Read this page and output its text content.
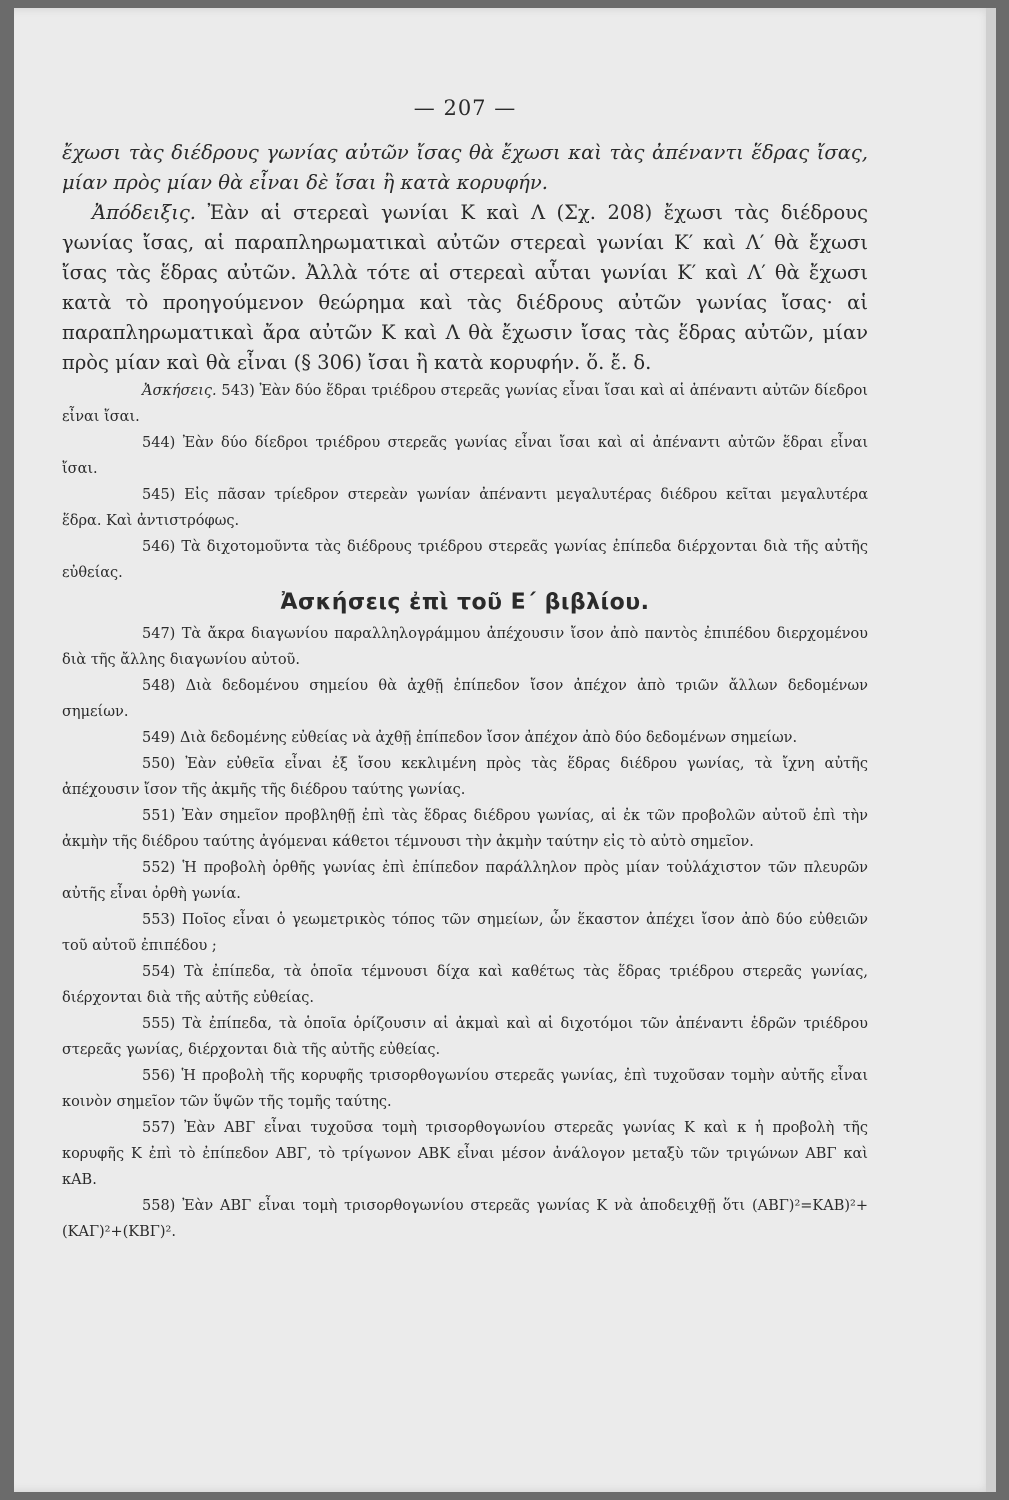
— 207 —

ἔχωσι τὰς διέδρους γωνίας αὐτῶν ἴσας θὰ ἔχωσι καὶ τὰς ἀπέναντι ἕδρας ἴσας, μίαν πρὸς μίαν θὰ εἶναι δὲ ἴσαι ἢ κατὰ κορυφήν.

Ἀπόδειξις. Ἐὰν αἱ στερεαὶ γωνίαι Κ καὶ Λ (Σχ. 208) ἔχωσι τὰς διέδρους γωνίας ἴσας, αἱ παραπληρωματικαὶ αὐτῶν στερεαὶ γωνίαι Κ′ καὶ Λ′ θὰ ἔχωσι ἴσας τὰς ἕδρας αὐτῶν. Ἀλλὰ τότε αἱ στερεαὶ αὗται γωνίαι Κ′ καὶ Λ′ θὰ ἔχωσι κατὰ τὸ προηγούμενον θεώρημα καὶ τὰς διέδρους αὐτῶν γωνίας ἴσας· αἱ παραπληρωματικαὶ ἄρα αὐτῶν Κ καὶ Λ θὰ ἔχωσιν ἴσας τὰς ἕδρας αὐτῶν, μίαν πρὸς μίαν καὶ θὰ εἶναι (§ 306) ἴσαι ἢ κατὰ κορυφήν. ὅ. ἔ. δ.

Ἀσκήσεις. 543) Ἐὰν δύο ἕδραι τριέδρου στερεᾶς γωνίας εἶναι ἴσαι καὶ αἱ ἀπέναντι αὐτῶν δίεδροι εἶναι ἴσαι.

544) Ἐὰν δύο δίεδροι τριέδρου στερεᾶς γωνίας εἶναι ἴσαι καὶ αἱ ἀπέναντι αὐτῶν ἕδραι εἶναι ἴσαι.

545) Εἰς πᾶσαν τρίεδρον στερεὰν γωνίαν ἀπέναντι μεγαλυτέρας διέδρου κεῖται μεγαλυτέρα ἕδρα. Καὶ ἀντιστρόφως.

546) Τὰ διχοτομοῦντα τὰς διέδρους τριέδρου στερεᾶς γωνίας ἐπίπεδα διέρχονται διὰ τῆς αὐτῆς εὐθείας.

Ἀσκήσεις ἐπὶ τοῦ Ε΄ βιβλίου.

547) Τὰ ἄκρα διαγωνίου παραλληλογράμμου ἀπέχουσιν ἴσον ἀπὸ παντὸς ἐπιπέδου διερχομένου διὰ τῆς ἄλλης διαγωνίου αὐτοῦ.

548) Διὰ δεδομένου σημείου θὰ ἀχθῇ ἐπίπεδον ἴσον ἀπέχον ἀπὸ τριῶν ἄλλων δεδομένων σημείων.

549) Διὰ δεδομένης εὐθείας νὰ ἀχθῇ ἐπίπεδον ἴσον ἀπέχον ἀπὸ δύο δεδομένων σημείων.

550) Ἐὰν εὐθεῖα εἶναι ἐξ ἴσου κεκλιμένη πρὸς τὰς ἕδρας διέδρου γωνίας, τὰ ἴχνη αὐτῆς ἀπέχουσιν ἴσον τῆς ἀκμῆς τῆς διέδρου ταύτης γωνίας.

551) Ἐὰν σημεῖον προβληθῇ ἐπὶ τὰς ἕδρας διέδρου γωνίας, αἱ ἐκ τῶν προβολῶν αὐτοῦ ἐπὶ τὴν ἀκμὴν τῆς διέδρου ταύτης ἀγόμεναι κάθετοι τέμνουσι τὴν ἀκμὴν ταύτην εἰς τὸ αὐτὸ σημεῖον.

552) Ἡ προβολὴ ὀρθῆς γωνίας ἐπὶ ἐπίπεδον παράλληλον πρὸς μίαν τοὐλάχιστον τῶν πλευρῶν αὐτῆς εἶναι ὀρθὴ γωνία.

553) Ποῖος εἶναι ὁ γεωμετρικὸς τόπος τῶν σημείων, ὧν ἕκαστον ἀπέχει ἴσον ἀπὸ δύο εὐθειῶν τοῦ αὐτοῦ ἐπιπέδου ;

554) Τὰ ἐπίπεδα, τὰ ὁποῖα τέμνουσι δίχα καὶ καθέτως τὰς ἕδρας τριέδρου στερεᾶς γωνίας, διέρχονται διὰ τῆς αὐτῆς εὐθείας.

555) Τὰ ἐπίπεδα, τὰ ὁποῖα ὁρίζουσιν αἱ ἀκμαὶ καὶ αἱ διχοτόμοι τῶν ἀπέναντι ἑδρῶν τριέδρου στερεᾶς γωνίας, διέρχονται διὰ τῆς αὐτῆς εὐθείας.

556) Ἡ προβολὴ τῆς κορυφῆς τρισορθογωνίου στερεᾶς γωνίας, ἐπὶ τυχοῦσαν τομὴν αὐτῆς εἶναι κοινὸν σημεῖον τῶν ὕψῶν τῆς τομῆς ταύτης.

557) Ἐὰν ΑΒΓ εἶναι τυχοῦσα τομὴ τρισορθογωνίου στερεᾶς γωνίας Κ καὶ κ ἡ προβολὴ τῆς κορυφῆς Κ ἐπὶ τὸ ἐπίπεδον ΑΒΓ, τὸ τρίγωνον ΑΒΚ εἶναι μέσον ἀνάλογον μεταξὺ τῶν τριγώνων ΑΒΓ καὶ κΑΒ.

558) Ἐὰν ΑΒΓ εἶναι τομὴ τρισορθογωνίου στερεᾶς γωνίας Κ νὰ ἀποδειχθῇ ὅτι (ΑΒΓ)²=ΚΑΒ)²+(ΚΑΓ)²+(ΚΒΓ)².
